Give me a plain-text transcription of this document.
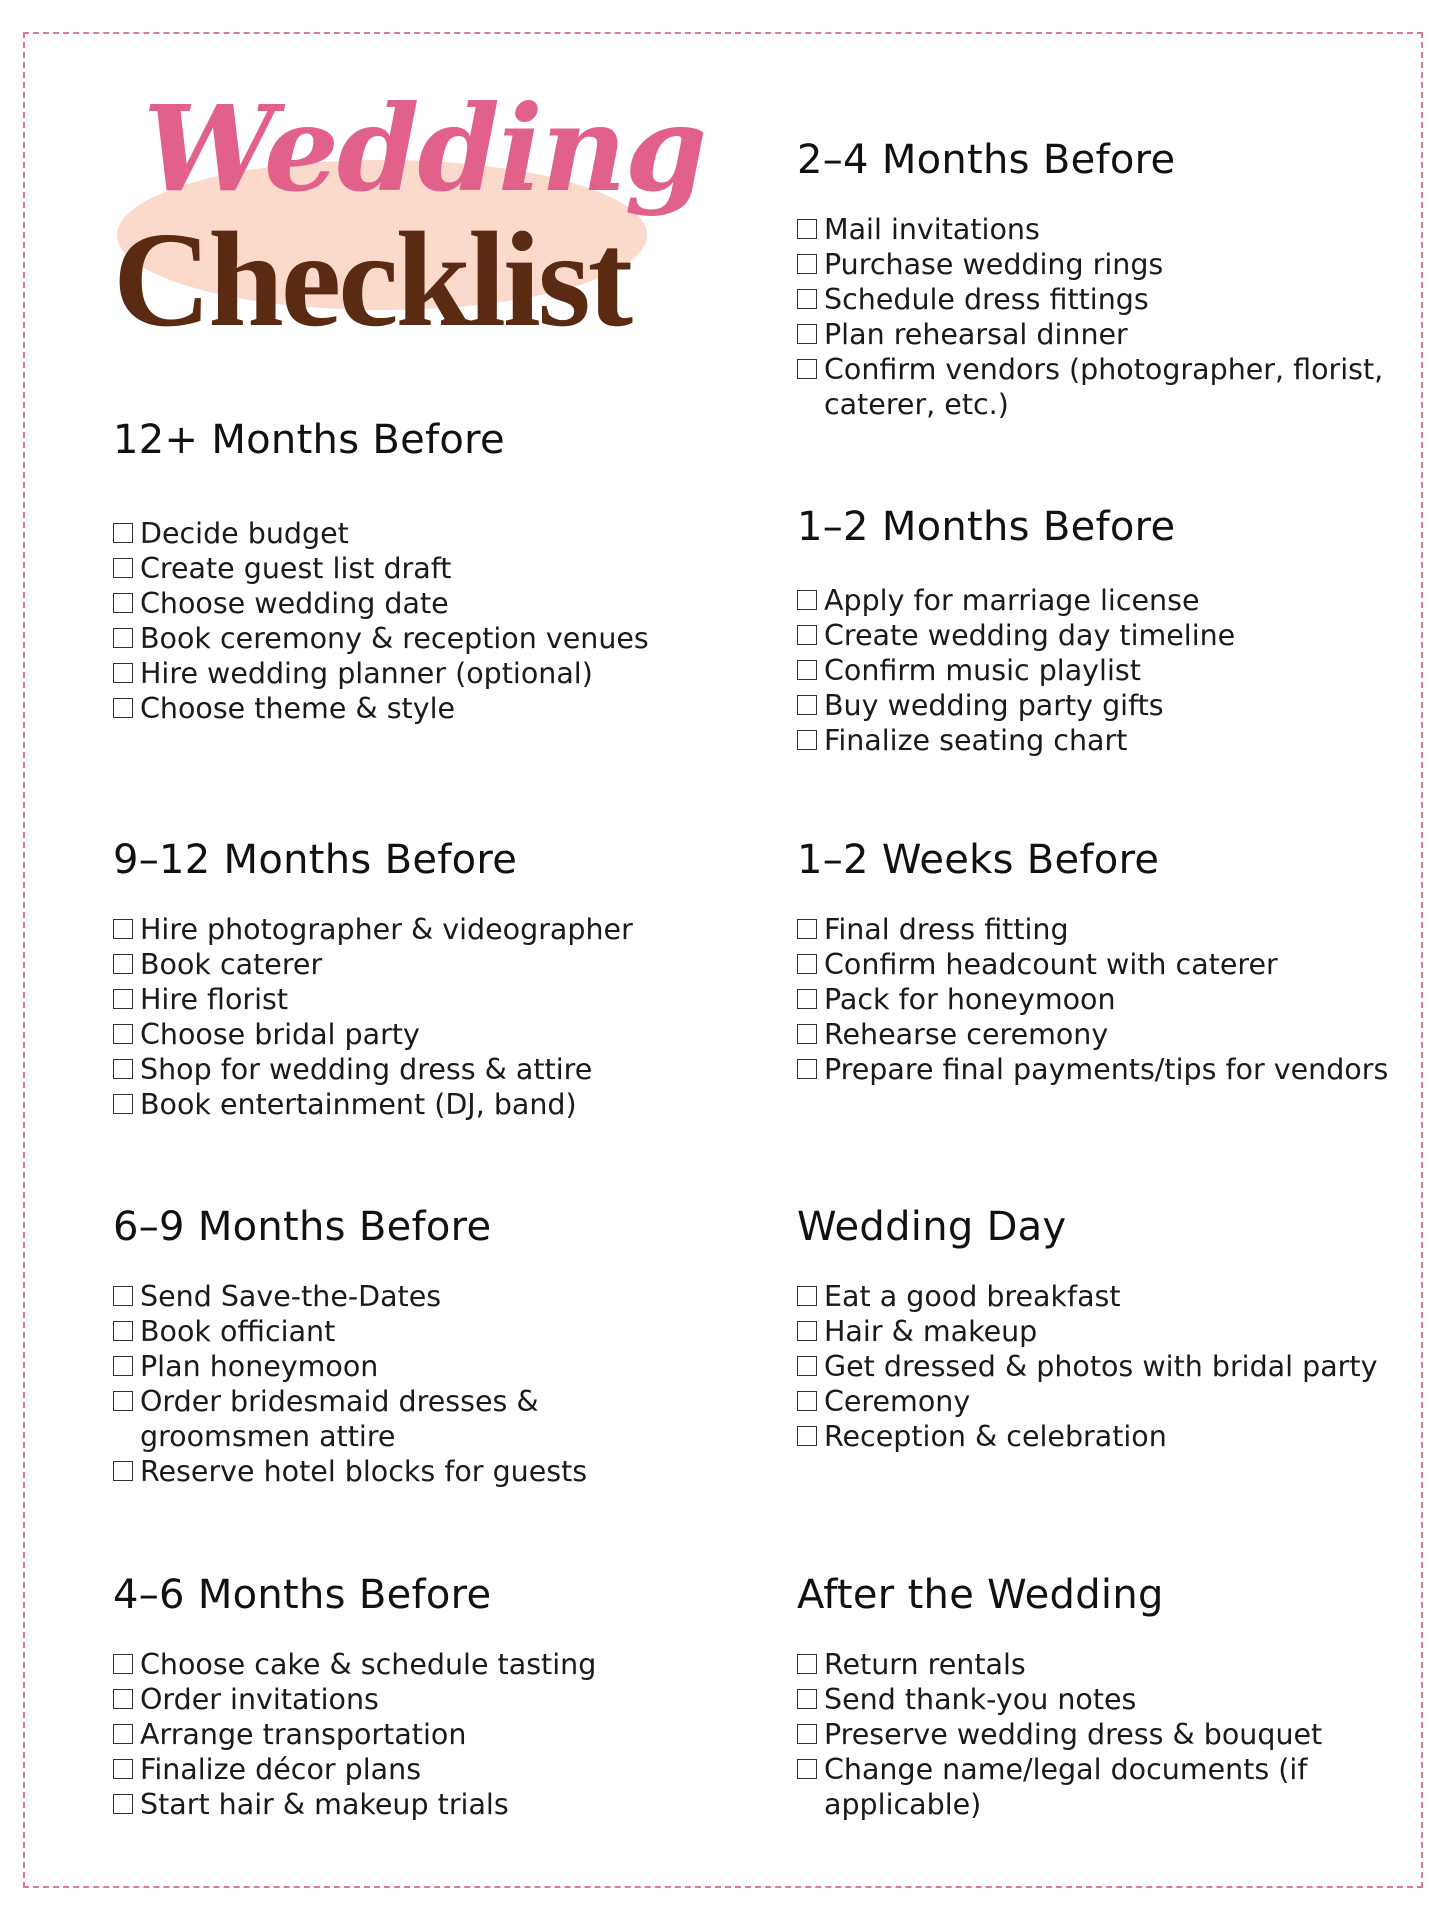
Wedding
Checklist
12+ Months Before
Decide budget
Create guest list draft
Choose wedding date
Book ceremony & reception venues
Hire wedding planner (optional)
Choose theme & style
9–12 Months Before
Hire photographer & videographer
Book caterer
Hire florist
Choose bridal party
Shop for wedding dress & attire
Book entertainment (DJ, band)
6–9 Months Before
Send Save-the-Dates
Book officiant
Plan honeymoon
Order bridesmaid dresses & groomsmen attire
Reserve hotel blocks for guests
4–6 Months Before
Choose cake & schedule tasting
Order invitations
Arrange transportation
Finalize décor plans
Start hair & makeup trials
2–4 Months Before
Mail invitations
Purchase wedding rings
Schedule dress fittings
Plan rehearsal dinner
Confirm vendors (photographer, florist, caterer, etc.)
1–2 Months Before
Apply for marriage license
Create wedding day timeline
Confirm music playlist
Buy wedding party gifts
Finalize seating chart
1–2 Weeks Before
Final dress fitting
Confirm headcount with caterer
Pack for honeymoon
Rehearse ceremony
Prepare final payments/tips for vendors
Wedding Day
Eat a good breakfast
Hair & makeup
Get dressed & photos with bridal party
Ceremony
Reception & celebration
After the Wedding
Return rentals
Send thank-you notes
Preserve wedding dress & bouquet
Change name/legal documents (if applicable)
